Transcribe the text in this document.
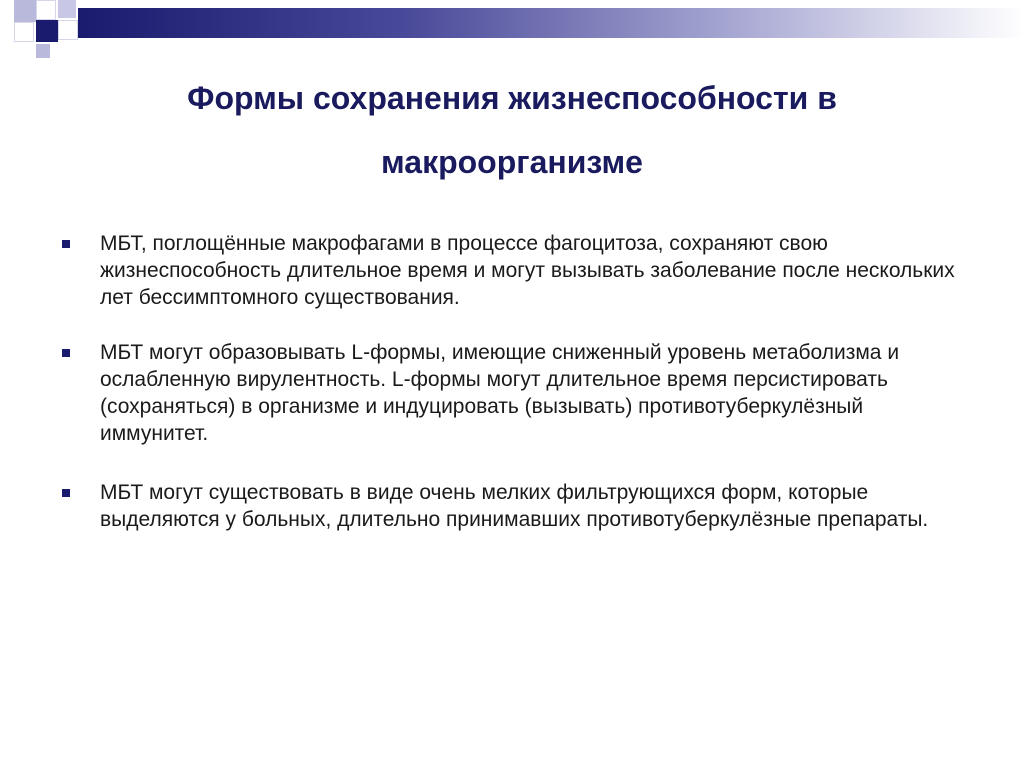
Формы сохранения жизнеспособности в макроорганизме
МБТ, поглощённые макрофагами в процессе фагоцитоза, сохраняют свою жизнеспособность длительное время и могут вызывать заболевание после нескольких лет бессимптомного существования.
МБТ могут образовывать L-формы, имеющие сниженный уровень метаболизма и ослабленную вирулентность. L-формы могут длительное время персистировать (сохраняться) в организме и индуцировать (вызывать) противотуберкулёзный иммунитет.
МБТ могут существовать в виде очень мелких фильтрующихся форм, которые выделяются у больных, длительно принимавших противотуберкулёзные препараты.
